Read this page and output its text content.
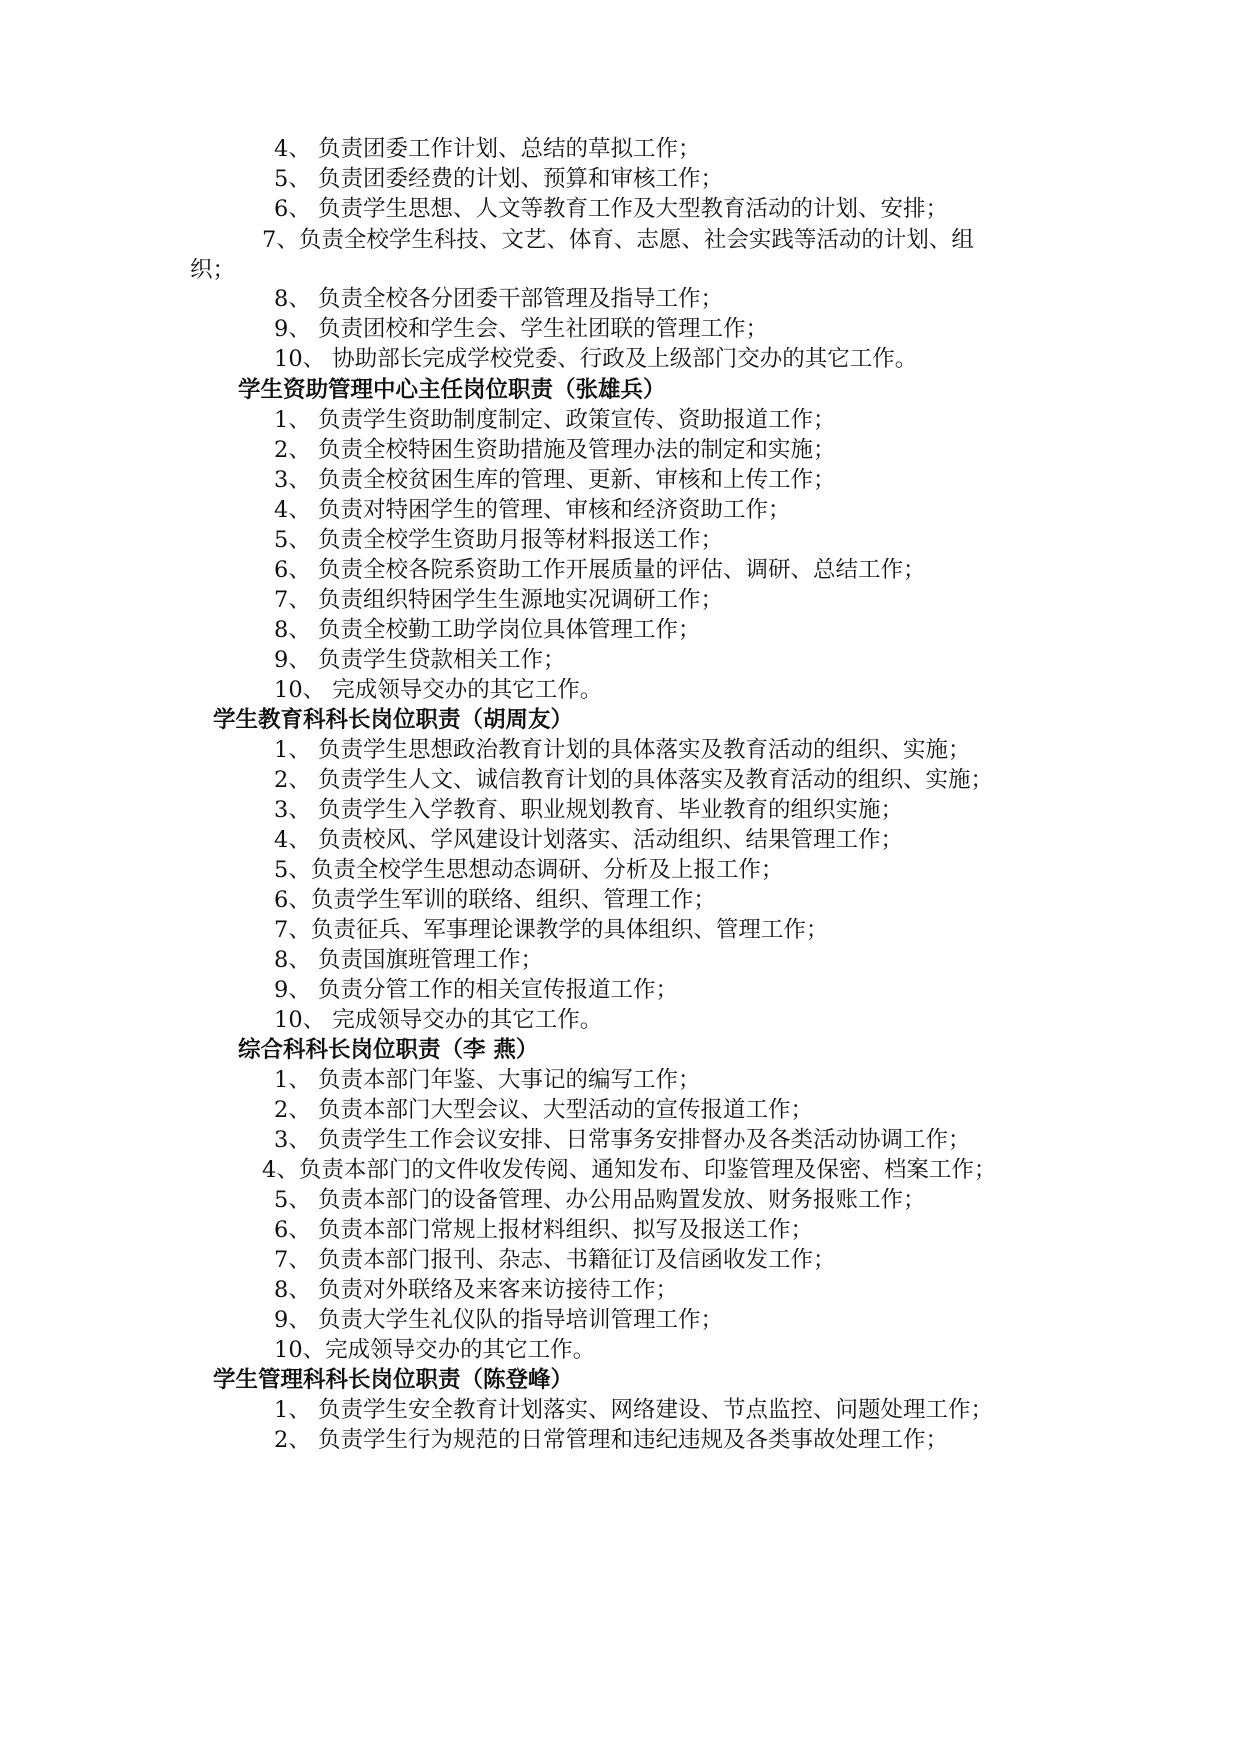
4、 负责团委工作计划、总结的草拟工作；
5、 负责团委经费的计划、预算和审核工作；
6、 负责学生思想、人文等教育工作及大型教育活动的计划、安排；
7、负责全校学生科技、文艺、体育、志愿、社会实践等活动的计划、组
织；
8、 负责全校各分团委干部管理及指导工作；
9、 负责团校和学生会、学生社团联的管理工作；
10、 协助部长完成学校党委、行政及上级部门交办的其它工作。
学生资助管理中心主任岗位职责（张雄兵）
1、 负责学生资助制度制定、政策宣传、资助报道工作；
2、 负责全校特困生资助措施及管理办法的制定和实施；
3、 负责全校贫困生库的管理、更新、审核和上传工作；
4、 负责对特困学生的管理、审核和经济资助工作；
5、 负责全校学生资助月报等材料报送工作；
6、 负责全校各院系资助工作开展质量的评估、调研、总结工作；
7、 负责组织特困学生生源地实况调研工作；
8、 负责全校勤工助学岗位具体管理工作；
9、 负责学生贷款相关工作；
10、 完成领导交办的其它工作。
学生教育科科长岗位职责（胡周友）
1、 负责学生思想政治教育计划的具体落实及教育活动的组织、实施；
2、 负责学生人文、诚信教育计划的具体落实及教育活动的组织、实施；
3、 负责学生入学教育、职业规划教育、毕业教育的组织实施；
4、 负责校风、学风建设计划落实、活动组织、结果管理工作；
5、负责全校学生思想动态调研、分析及上报工作；
6、负责学生军训的联络、组织、管理工作；
7、负责征兵、军事理论课教学的具体组织、管理工作；
8、 负责国旗班管理工作；
9、 负责分管工作的相关宣传报道工作；
10、 完成领导交办的其它工作。
综合科科长岗位职责（李 燕）
1、 负责本部门年鉴、大事记的编写工作；
2、 负责本部门大型会议、大型活动的宣传报道工作；
3、 负责学生工作会议安排、日常事务安排督办及各类活动协调工作；
4、负责本部门的文件收发传阅、通知发布、印鉴管理及保密、档案工作；
5、 负责本部门的设备管理、办公用品购置发放、财务报账工作；
6、 负责本部门常规上报材料组织、拟写及报送工作；
7、 负责本部门报刊、杂志、书籍征订及信函收发工作；
8、 负责对外联络及来客来访接待工作；
9、 负责大学生礼仪队的指导培训管理工作；
10、完成领导交办的其它工作。
学生管理科科长岗位职责（陈登峰）
1、 负责学生安全教育计划落实、网络建设、节点监控、问题处理工作；
2、 负责学生行为规范的日常管理和违纪违规及各类事故处理工作；
